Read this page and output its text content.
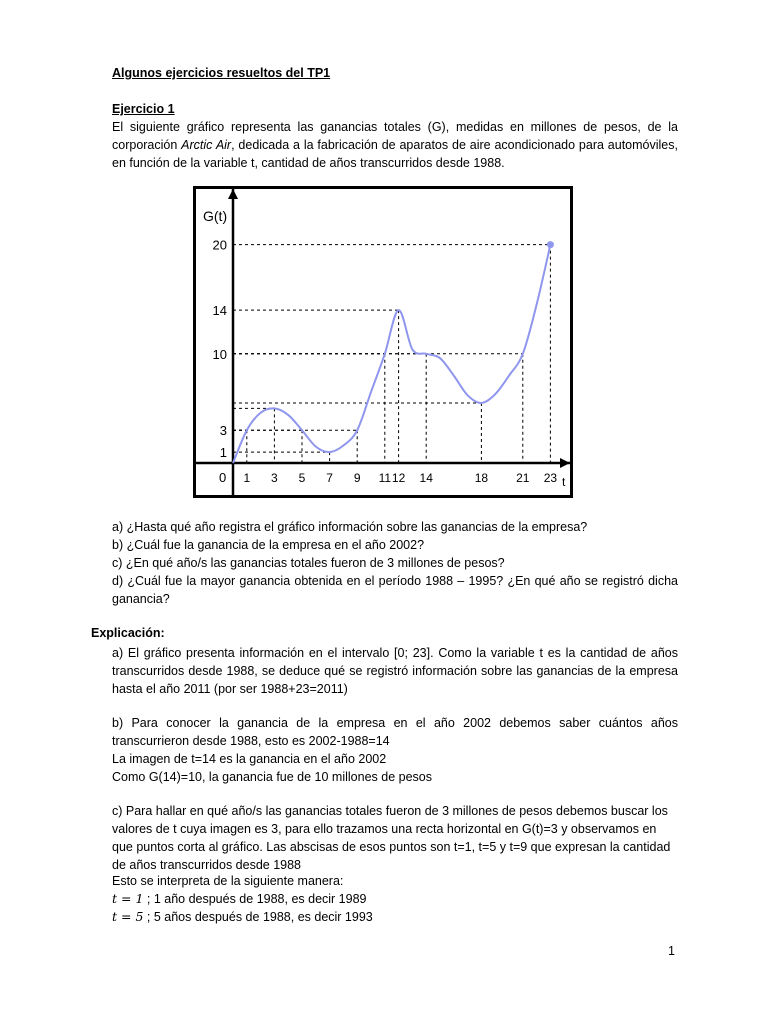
Algunos ejercicios resueltos del TP1

Ejercicio 1

El siguiente gráfico representa las ganancias totales (G), medidas en millones de pesos, de la corporación Arctic Air, dedicada a la fabricación de aparatos de aire acondicionado para automóviles, en función de la variable t, cantidad de años transcurridos desde 1988.

G(t)
t
0 1 3 5 7 9 11 12 14	18 21 23
1
3
10
14
20

a) ¿Hasta qué año registra el gráfico información sobre las ganancias de la empresa?

b) ¿Cuál fue la ganancia de la empresa en el año 2002?

c) ¿En qué año/s las ganancias totales fueron de 3 millones de pesos?

d) ¿Cuál fue la mayor ganancia obtenida en el período 1988 – 1995? ¿En qué año se registró dicha ganancia?

Explicación:

a) El gráfico presenta información en el intervalo [0; 23]. Como la variable t es la cantidad de años transcurridos desde 1988, se deduce qué se registró información sobre las ganancias de la empresa hasta el año 2011 (por ser 1988+23=2011)

b) Para conocer la ganancia de la empresa en el año 2002 debemos saber cuántos años transcurrieron desde 1988, esto es 2002-1988=14

La imagen de t=14 es la ganancia en el año 2002

Como G(14)=10, la ganancia fue de 10 millones de pesos

c) Para hallar en qué año/s las ganancias totales fueron de 3 millones de pesos debemos buscar los valores de t cuya imagen es 3, para ello trazamos una recta horizontal en G(t)=3 y observamos en que puntos corta al gráfico. Las abscisas de esos puntos son t=1, t=5 y t=9 que expresan la cantidad de años transcurridos desde 1988

Esto se interpreta de la siguiente manera:

t = 1 ; 1 año después de 1988, es decir 1989

t = 5 ; 5 años después de 1988, es decir 1993

1
